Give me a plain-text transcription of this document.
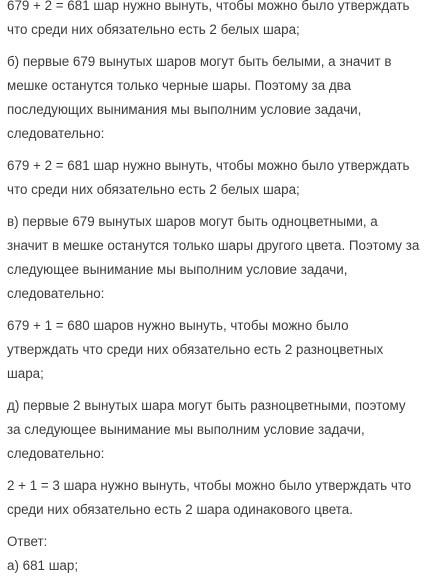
679 + 2 = 681 шар нужно вынуть, чтобы можно было утверждать что среди них обязательно есть 2 белых шара;

б) первые 679 вынутых шаров могут быть белыми, а значит в мешке останутся только черные шары. Поэтому за два последующих вынимания мы выполним условие задачи, следовательно:

679 + 2 = 681 шар нужно вынуть, чтобы можно было утверждать что среди них обязательно есть 2 белых шара;

в) первые 679 вынутых шаров могут быть одноцветными, а значит в мешке останутся только шары другого цвета. Поэтому за следующее вынимание мы выполним условие задачи, следовательно:

679 + 1 = 680 шаров нужно вынуть, чтобы можно было утверждать что среди них обязательно есть 2 разноцветных шара;

д) первые 2 вынутых шара могут быть разноцветными, поэтому за следующее вынимание мы выполним условие задачи, следовательно:

2 + 1 = 3 шара нужно вынуть, чтобы можно было утверждать что среди них обязательно есть 2 шара одинакового цвета.

Ответ:

а) 681 шар;
